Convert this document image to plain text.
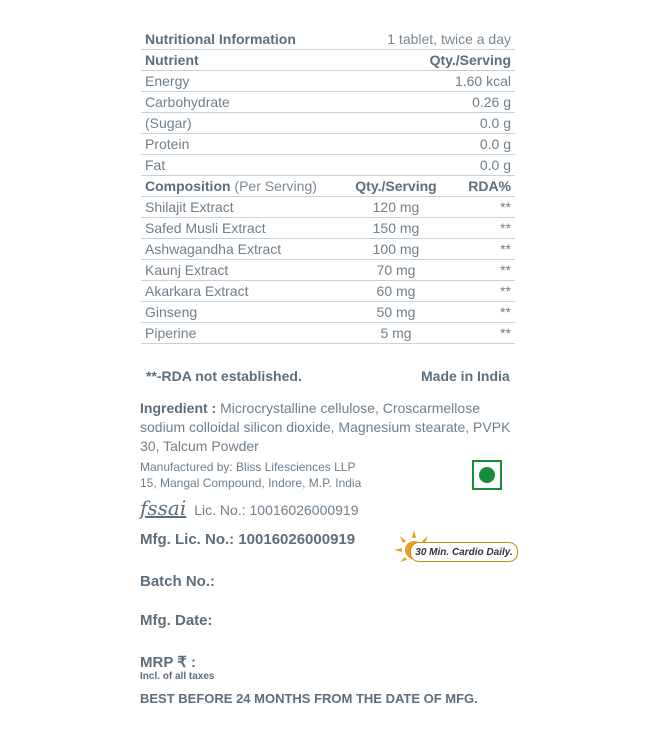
Nutritional Information	1 tablet, twice a day
Nutrient	Qty./Serving
Energy	1.60 kcal
Carbohydrate	0.26 g
(Sugar)	0.0 g
Protein	0.0 g
Fat	0.0 g
Composition (Per Serving)	Qty./Serving	RDA%
Shilajit Extract	120 mg	**
Safed Musli Extract	150 mg	**
Ashwagandha Extract	100 mg	**
Kaunj Extract	70 mg	**
Akarkara Extract	60 mg	**
Ginseng	50 mg	**
Piperine	5 mg	**
**-RDA not established.	Made in India
Ingredient : Microcrystalline cellulose, Croscarmellose
sodium colloidal silicon dioxide, Magnesium stearate, PVPK
30, Talcum Powder
Manufactured by: Bliss Lifesciences LLP
15, Mangal Compound, Indore, M.P. India
fssai Lic. No.: 10016026000919
Mfg. Lic. No.: 10016026000919
30 Min. Cardio Daily.
Batch No.:
Mfg. Date:
MRP ₹ :
Incl. of all taxes
BEST BEFORE 24 MONTHS FROM THE DATE OF MFG.
